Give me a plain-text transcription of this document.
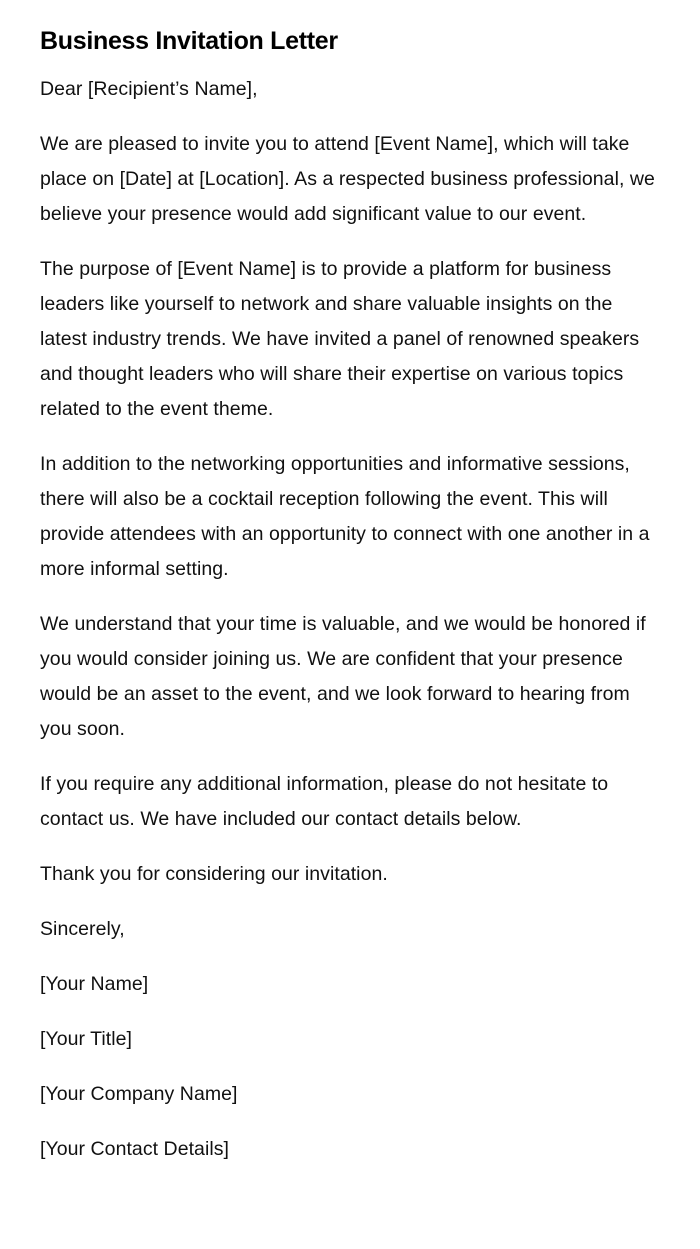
Business Invitation Letter

Dear [Recipient’s Name],

We are pleased to invite you to attend [Event Name], which will take place on [Date] at [Location]. As a respected business professional, we believe your presence would add significant value to our event.

The purpose of [Event Name] is to provide a platform for business leaders like yourself to network and share valuable insights on the latest industry trends. We have invited a panel of renowned speakers and thought leaders who will share their expertise on various topics related to the event theme.

In addition to the networking opportunities and informative sessions, there will also be a cocktail reception following the event. This will provide attendees with an opportunity to connect with one another in a more informal setting.

We understand that your time is valuable, and we would be honored if you would consider joining us. We are confident that your presence would be an asset to the event, and we look forward to hearing from you soon.

If you require any additional information, please do not hesitate to contact us. We have included our contact details below.

Thank you for considering our invitation.

Sincerely,

[Your Name]

[Your Title]

[Your Company Name]

[Your Contact Details]
